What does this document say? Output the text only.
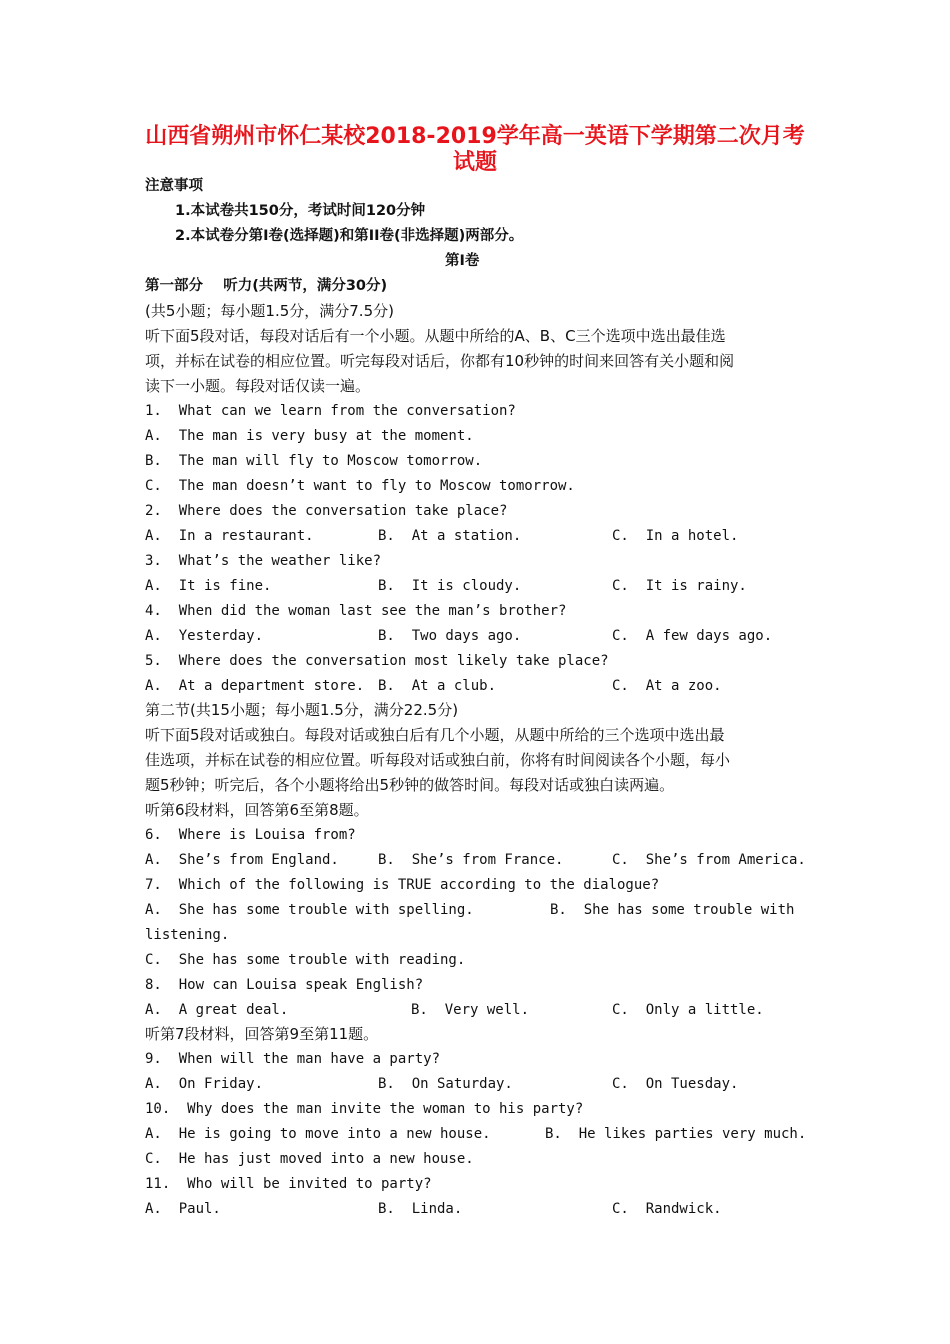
山西省朔州市怀仁某校2018-2019学年高一英语下学期第二次月考
试题
注意事项
1.本试卷共150分，考试时间120分钟
2.本试卷分第I卷(选择题)和第II卷(非选择题)两部分。
第Ⅰ卷
第一部分    听力(共两节，满分30分)
(共5小题；每小题1.5分，满分7.5分)
听下面5段对话，每段对话后有一个小题。从题中所给的A、B、C三个选项中选出最佳选
项，并标在试卷的相应位置。听完每段对话后，你都有10秒钟的时间来回答有关小题和阅
读下一小题。每段对话仅读一遍。
1.  What can we learn from the conversation?
A.  The man is very busy at the moment.
B.  The man will fly to Moscow tomorrow.
C.  The man doesn’t want to fly to Moscow tomorrow.
2.  Where does the conversation take place?
A.  In a restaurant.	B.  At a station.	C.  In a hotel.
3.  What’s the weather like?
A.  It is fine.	B.  It is cloudy.	C.  It is rainy.
4.  When did the woman last see the man’s brother?
A.  Yesterday.	B.  Two days ago.	C.  A few days ago.
5.  Where does the conversation most likely take place?
A.  At a department store. B.  At a club.	C.  At a zoo.
第二节(共15小题；每小题1.5分，满分22.5分)
听下面5段对话或独白。每段对话或独白后有几个小题，从题中所给的三个选项中选出最
佳选项，并标在试卷的相应位置。听每段对话或独白前，你将有时间阅读各个小题，每小
题5秒钟；听完后，各个小题将给出5秒钟的做答时间。每段对话或独白读两遍。
听第6段材料，回答第6至第8题。
6.  Where is Louisa from?
A.  She’s from England.	B.  She’s from France.	C.  She’s from America.
7.  Which of the following is TRUE according to the dialogue?
A.  She has some trouble with spelling.	B.  She has some trouble with
listening.
C.  She has some trouble with reading.
8.  How can Louisa speak English?
A.  A great deal.	B.  Very well.	C.  Only a little.
听第7段材料，回答第9至第11题。
9.  When will the man have a party?
A.  On Friday.	B.  On Saturday.	C.  On Tuesday.
10.  Why does the man invite the woman to his party?
A.  He is going to move into a new house.	B.  He likes parties very much.
C.  He has just moved into a new house.
11.  Who will be invited to party?
A.  Paul.	B.  Linda.	C.  Randwick.
